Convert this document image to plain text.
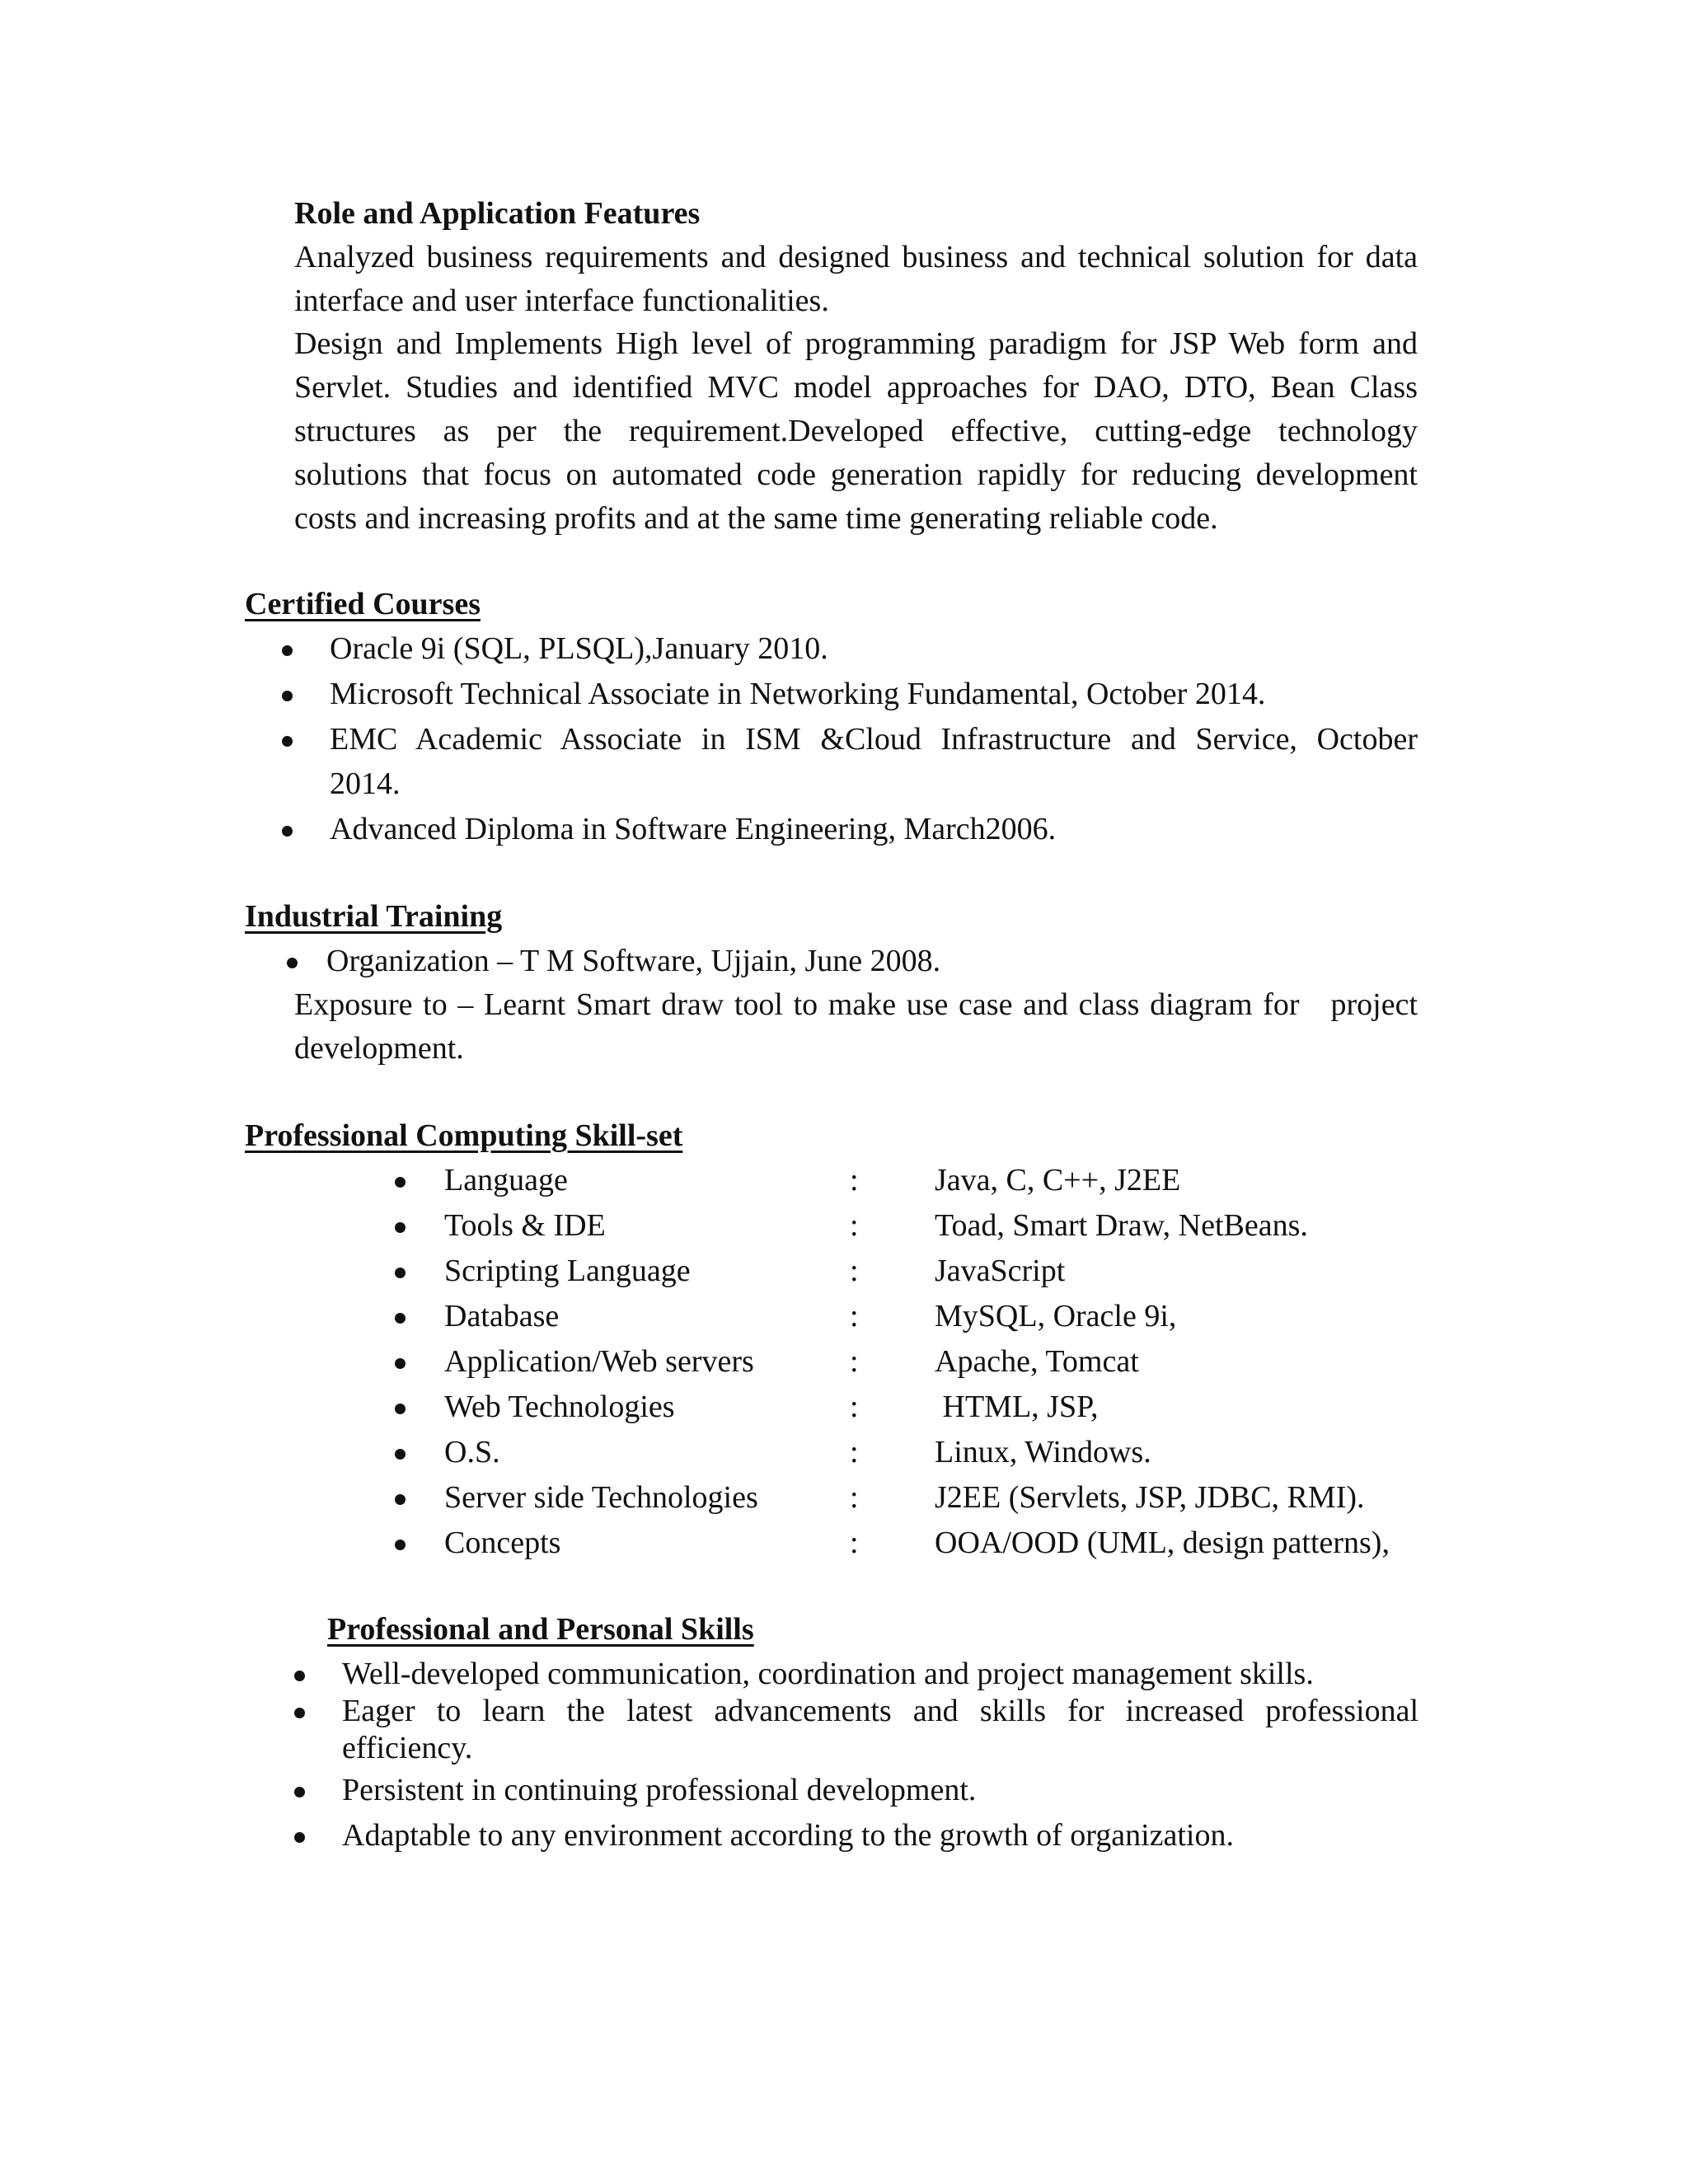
Role and Application Features
Analyzed business requirements and designed business and technical solution for data
interface and user interface functionalities.
Design and Implements High level of programming paradigm for JSP Web form and
Servlet. Studies and identified MVC model approaches for DAO, DTO, Bean Class
structures as per the requirement.Developed effective, cutting-edge technology
solutions that focus on automated code generation rapidly for reducing development
costs and increasing profits and at the same time generating reliable code.
Certified Courses
Oracle 9i (SQL, PLSQL),January 2010.
Microsoft Technical Associate in Networking Fundamental, October 2014.
EMC Academic Associate in ISM &Cloud Infrastructure and Service, October
2014.
Advanced Diploma in Software Engineering, March2006.
Industrial Training
Organization – T M Software, Ujjain, June 2008.
Exposure to – Learnt Smart draw tool to make use case and class diagram for   project
development.
Professional Computing Skill-set
Language	: Java, C, C++, J2EE
Tools & IDE	: Toad, Smart Draw, NetBeans.
Scripting Language	: JavaScript
Database	: MySQL, Oracle 9i,
Application/Web servers	: Apache, Tomcat
Web Technologies	: HTML, JSP,
O.S.	: Linux, Windows.
Server side Technologies	: J2EE (Servlets, JSP, JDBC, RMI).
Concepts	: OOA/OOD (UML, design patterns),
Professional and Personal Skills
Well-developed communication, coordination and project management skills.
Eager to learn the latest advancements and skills for increased professional
efficiency.
Persistent in continuing professional development.
Adaptable to any environment according to the growth of organization.
